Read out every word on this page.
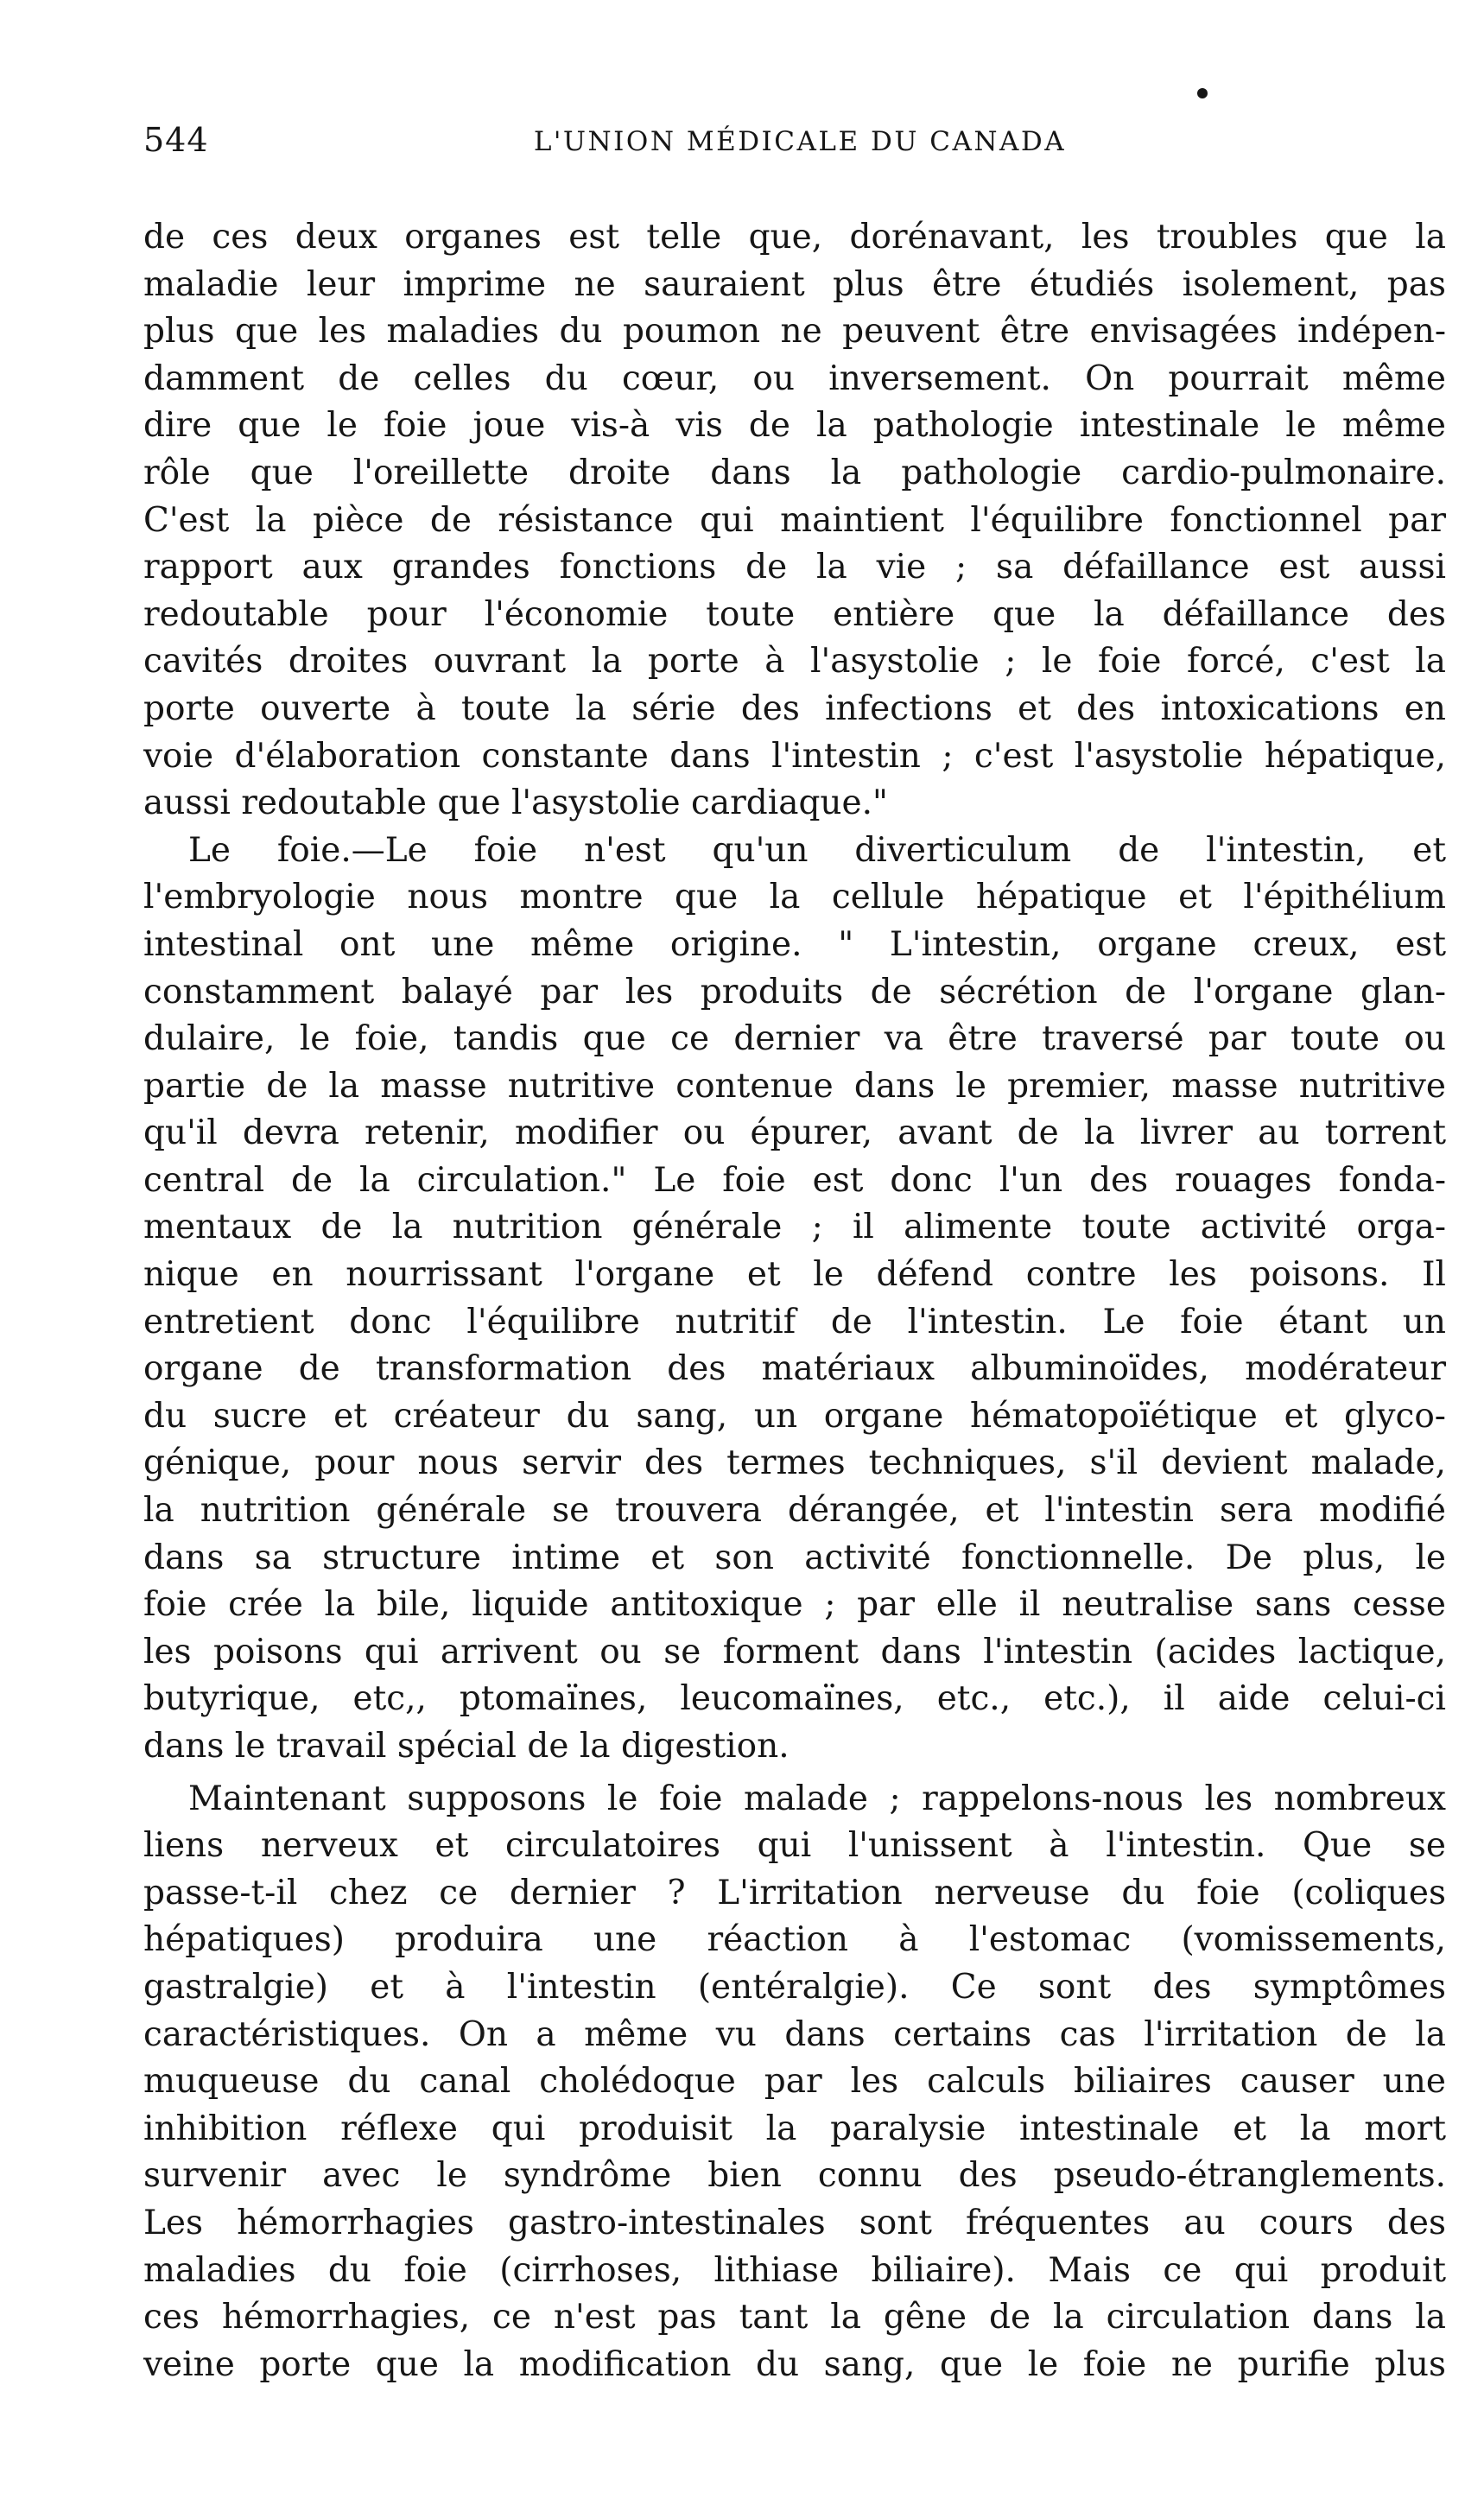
544	L'UNION MÉDICALE DU CANADA
de ces deux organes est telle que, dorénavant, les troubles que la
maladie leur imprime ne sauraient plus être étudiés isolement, pas
plus que les maladies du poumon ne peuvent être envisagées indépen-
damment de celles du cœur, ou inversement. On pourrait même
dire que le foie joue vis-à vis de la pathologie intestinale le même
rôle que l'oreillette droite dans la pathologie cardio-pulmonaire.
C'est la pièce de résistance qui maintient l'équilibre fonctionnel par
rapport aux grandes fonctions de la vie ; sa défaillance est aussi
redoutable pour l'économie toute entière que la défaillance des
cavités droites ouvrant la porte à l'asystolie ; le foie forcé, c'est la
porte ouverte à toute la série des infections et des intoxications en
voie d'élaboration constante dans l'intestin ; c'est l'asystolie hépatique,
aussi redoutable que l'asystolie cardiaque."
Le foie.—Le foie n'est qu'un diverticulum de l'intestin, et
l'embryologie nous montre que la cellule hépatique et l'épithélium
intestinal ont une même origine. " L'intestin, organe creux, est
constamment balayé par les produits de sécrétion de l'organe glan-
dulaire, le foie, tandis que ce dernier va être traversé par toute ou
partie de la masse nutritive contenue dans le premier, masse nutritive
qu'il devra retenir, modifier ou épurer, avant de la livrer au torrent
central de la circulation." Le foie est donc l'un des rouages fonda-
mentaux de la nutrition générale ; il alimente toute activité orga-
nique en nourrissant l'organe et le défend contre les poisons. Il
entretient donc l'équilibre nutritif de l'intestin. Le foie étant un
organe de transformation des matériaux albuminoïdes, modérateur
du sucre et créateur du sang, un organe hématopoïétique et glyco-
génique, pour nous servir des termes techniques, s'il devient malade,
la nutrition générale se trouvera dérangée, et l'intestin sera modifié
dans sa structure intime et son activité fonctionnelle. De plus, le
foie crée la bile, liquide antitoxique ; par elle il neutralise sans cesse
les poisons qui arrivent ou se forment dans l'intestin (acides lactique,
butyrique, etc,, ptomaïnes, leucomaïnes, etc., etc.), il aide celui-ci
dans le travail spécial de la digestion.
Maintenant supposons le foie malade ; rappelons-nous les nombreux
liens nerveux et circulatoires qui l'unissent à l'intestin. Que se
passe-t-il chez ce dernier ? L'irritation nerveuse du foie (coliques
hépatiques) produira une réaction à l'estomac (vomissements,
gastralgie) et à l'intestin (entéralgie). Ce sont des symptômes
caractéristiques. On a même vu dans certains cas l'irritation de la
muqueuse du canal cholédoque par les calculs biliaires causer une
inhibition réflexe qui produisit la paralysie intestinale et la mort
survenir avec le syndrôme bien connu des pseudo-étranglements.
Les hémorrhagies gastro-intestinales sont fréquentes au cours des
maladies du foie (cirrhoses, lithiase biliaire). Mais ce qui produit
ces hémorrhagies, ce n'est pas tant la gêne de la circulation dans la
veine porte que la modification du sang, que le foie ne purifie plus
